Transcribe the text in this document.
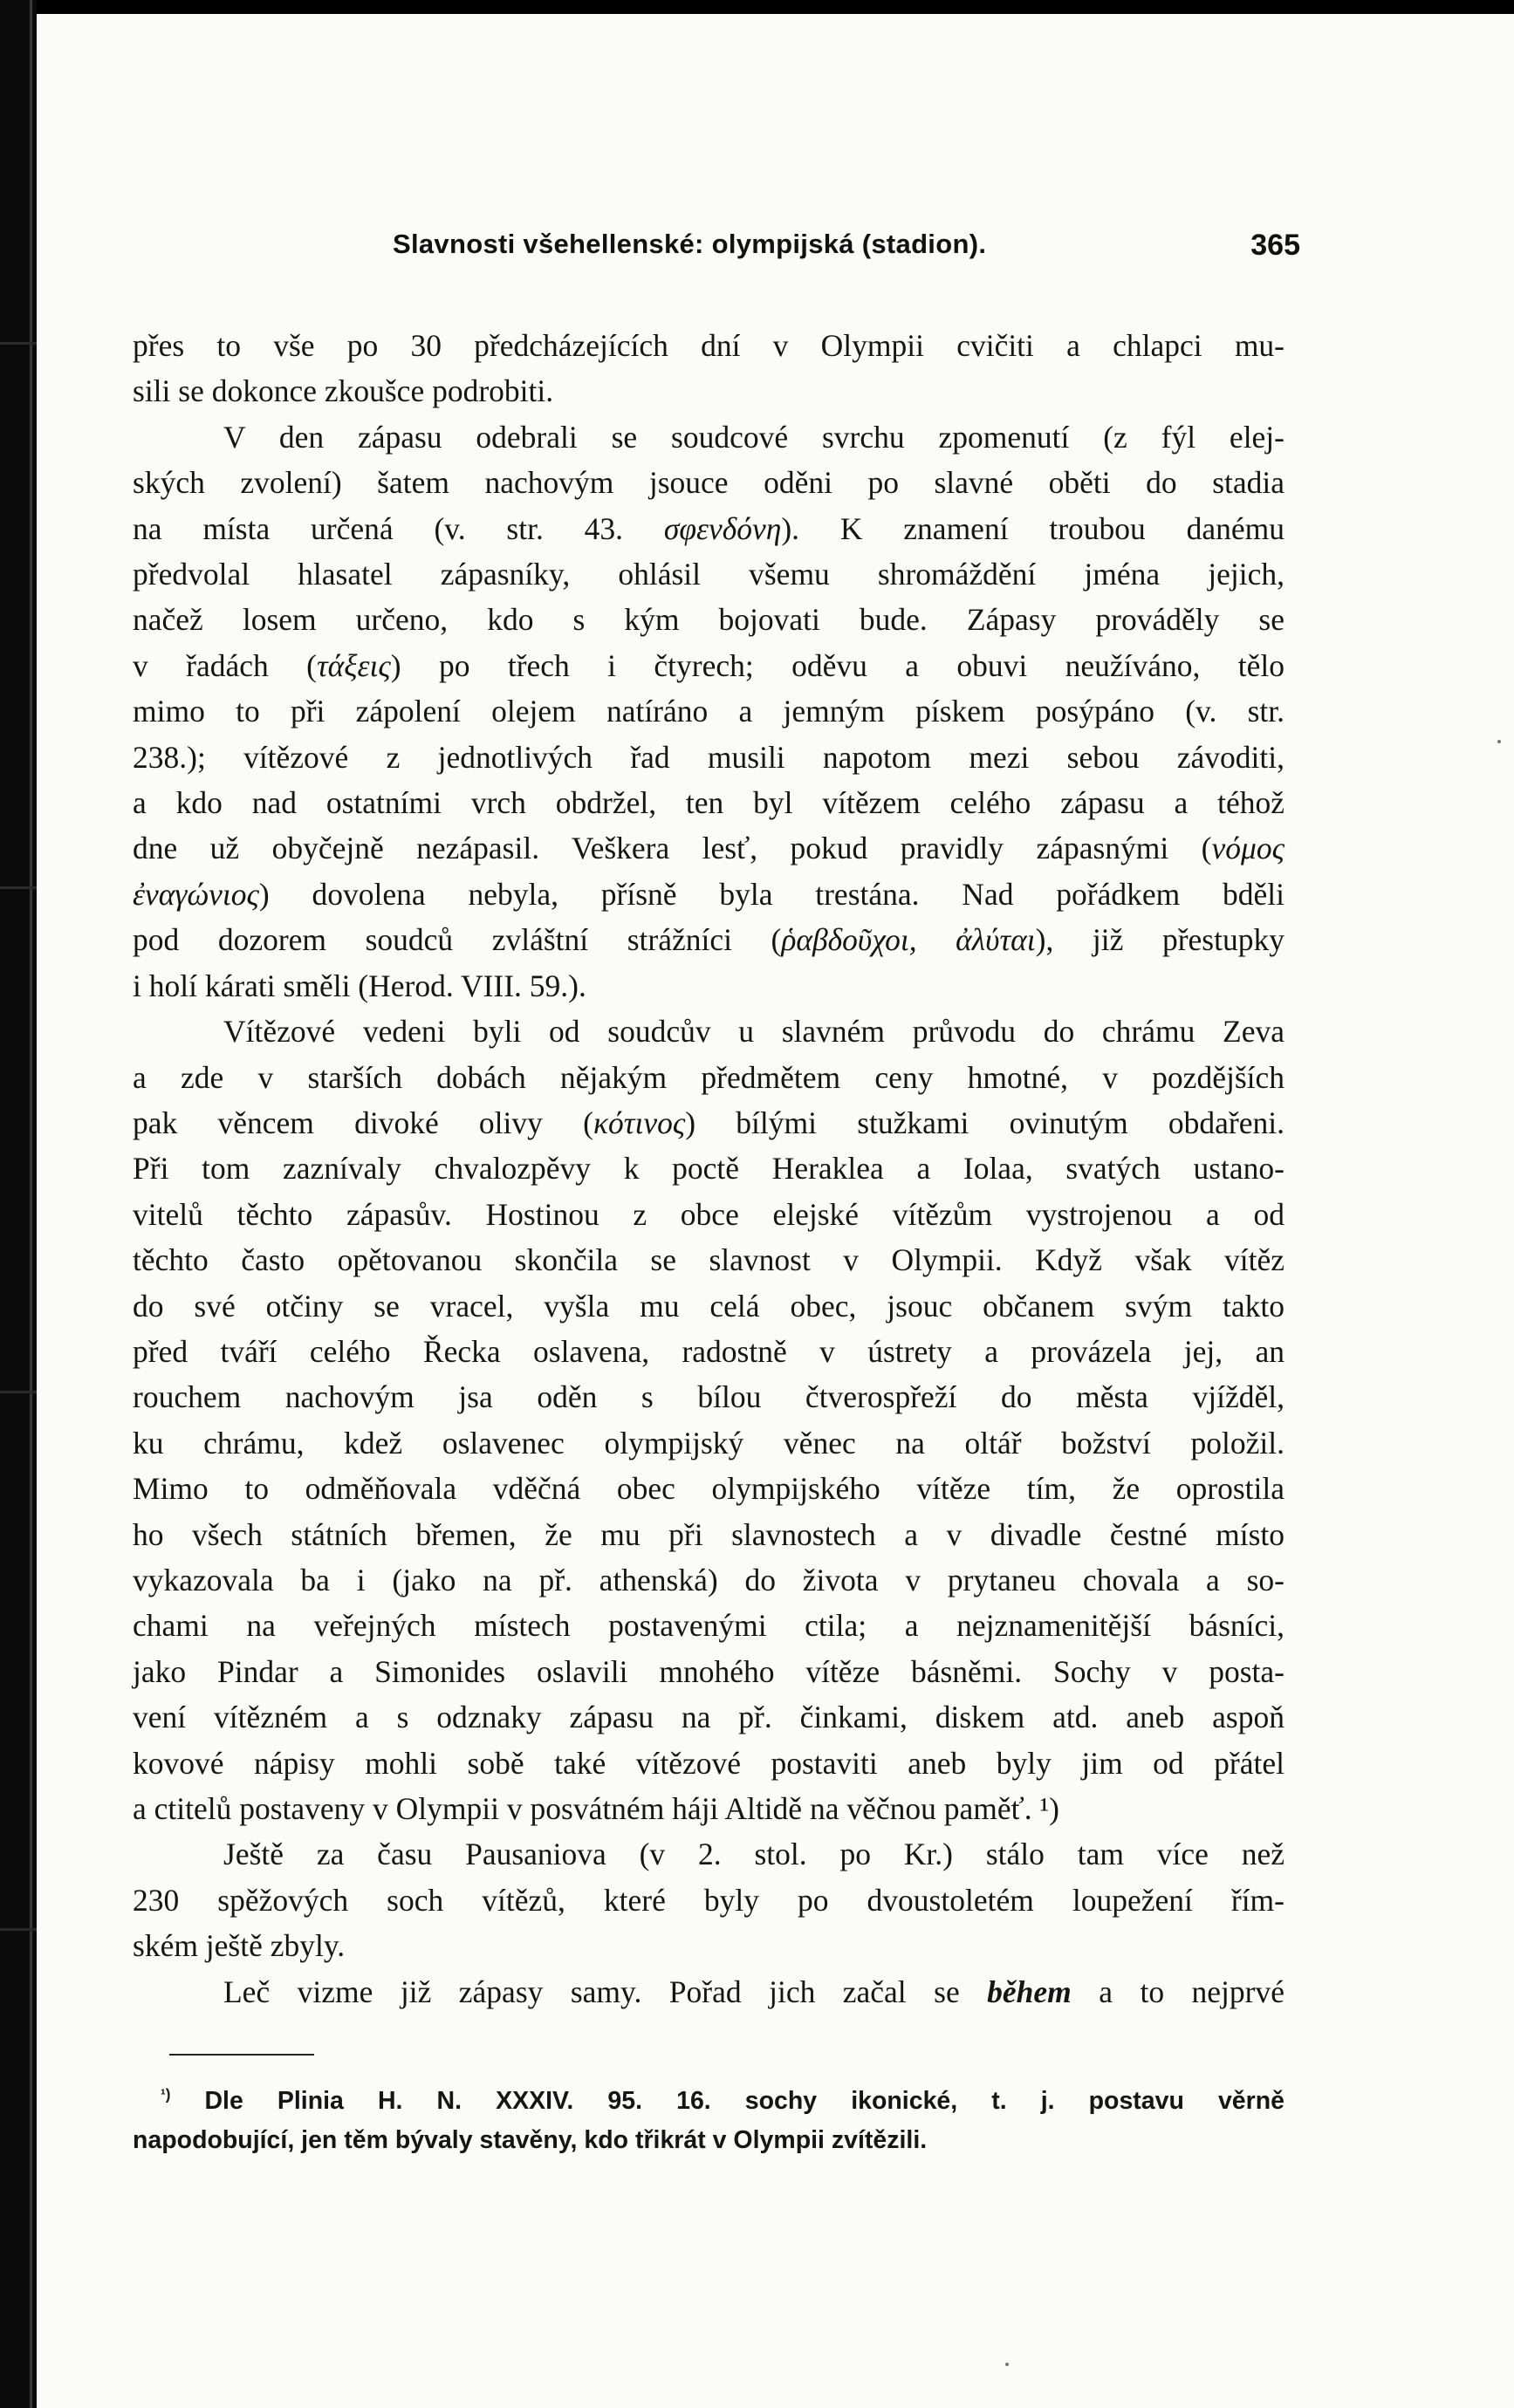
Slavnosti všehellenské: olympijská (stadion).	365

přes to vše po 30 předcházejících dní v Olympii cvičiti a chlapci mu-

sili se dokonce zkoušce podrobiti.

V den zápasu odebrali se soudcové svrchu zpomenutí (z fýl elej-

ských zvolení) šatem nachovým jsouce oděni po slavné oběti do stadia

na místa určená (v. str. 43. σφενδόνη). K znamení troubou danému

předvolal hlasatel zápasníky, ohlásil všemu shromáždění jména jejich,

načež losem určeno, kdo s kým bojovati bude. Zápasy prováděly se

v řadách (τάξεις) po třech i čtyrech; oděvu a obuvi neužíváno, tělo

mimo to při zápolení olejem natíráno a jemným pískem posýpáno (v. str.

238.); vítězové z jednotlivých řad musili napotom mezi sebou závoditi,

a kdo nad ostatními vrch obdržel, ten byl vítězem celého zápasu a téhož

dne už obyčejně nezápasil. Veškera lesť, pokud pravidly zápasnými (νόμος

ἐναγώνιος) dovolena nebyla, přísně byla trestána. Nad pořádkem bděli

pod dozorem soudců zvláštní strážníci (ῥαβδοῦχοι, ἀλύται), již přestupky

i holí kárati směli (Herod. VIII. 59.).

Vítězové vedeni byli od soudcův u slavném průvodu do chrámu Zeva

a zde v starších dobách nějakým předmětem ceny hmotné, v pozdějších

pak věncem divoké olivy (κότινος) bílými stužkami ovinutým obdařeni.

Při tom zaznívaly chvalozpěvy k poctě Heraklea a Iolaa, svatých ustano-

vitelů těchto zápasův. Hostinou z obce elejské vítězům vystrojenou a od

těchto často opětovanou skončila se slavnost v Olympii. Když však vítěz

do své otčiny se vracel, vyšla mu celá obec, jsouc občanem svým takto

před tváří celého Řecka oslavena, radostně v ústrety a provázela jej, an

rouchem nachovým jsa oděn s bílou čtverospřeží do města vjížděl,

ku chrámu, kdež oslavenec olympijský věnec na oltář božství položil.

Mimo to odměňovala vděčná obec olympijského vítěze tím, že oprostila

ho všech státních břemen, že mu při slavnostech a v divadle čestné místo

vykazovala ba i (jako na př. athenská) do života v prytaneu chovala a so-

chami na veřejných místech postavenými ctila; a nejznamenitější básníci,

jako Pindar a Simonides oslavili mnohého vítěze básněmi. Sochy v posta-

vení vítězném a s odznaky zápasu na př. činkami, diskem atd. aneb aspoň

kovové nápisy mohli sobě také vítězové postaviti aneb byly jim od přátel

a ctitelů postaveny v Olympii v posvátném háji Altidě na věčnou paměť. ¹)

Ještě za času Pausaniova (v 2. stol. po Kr.) stálo tam více než

230 spěžových soch vítězů, které byly po dvoustoletém loupežení řím-

ském ještě zbyly.

Leč vizme již zápasy samy. Pořad jich začal se během a to nejprvé

$^{^1)}$ Dle Plinia H. N. XXXIV. 95. 16. sochy ikonické, t. j. postavu věrně

napodobující, jen těm bývaly stavěny, kdo třikrát v Olympii zvítězili.
